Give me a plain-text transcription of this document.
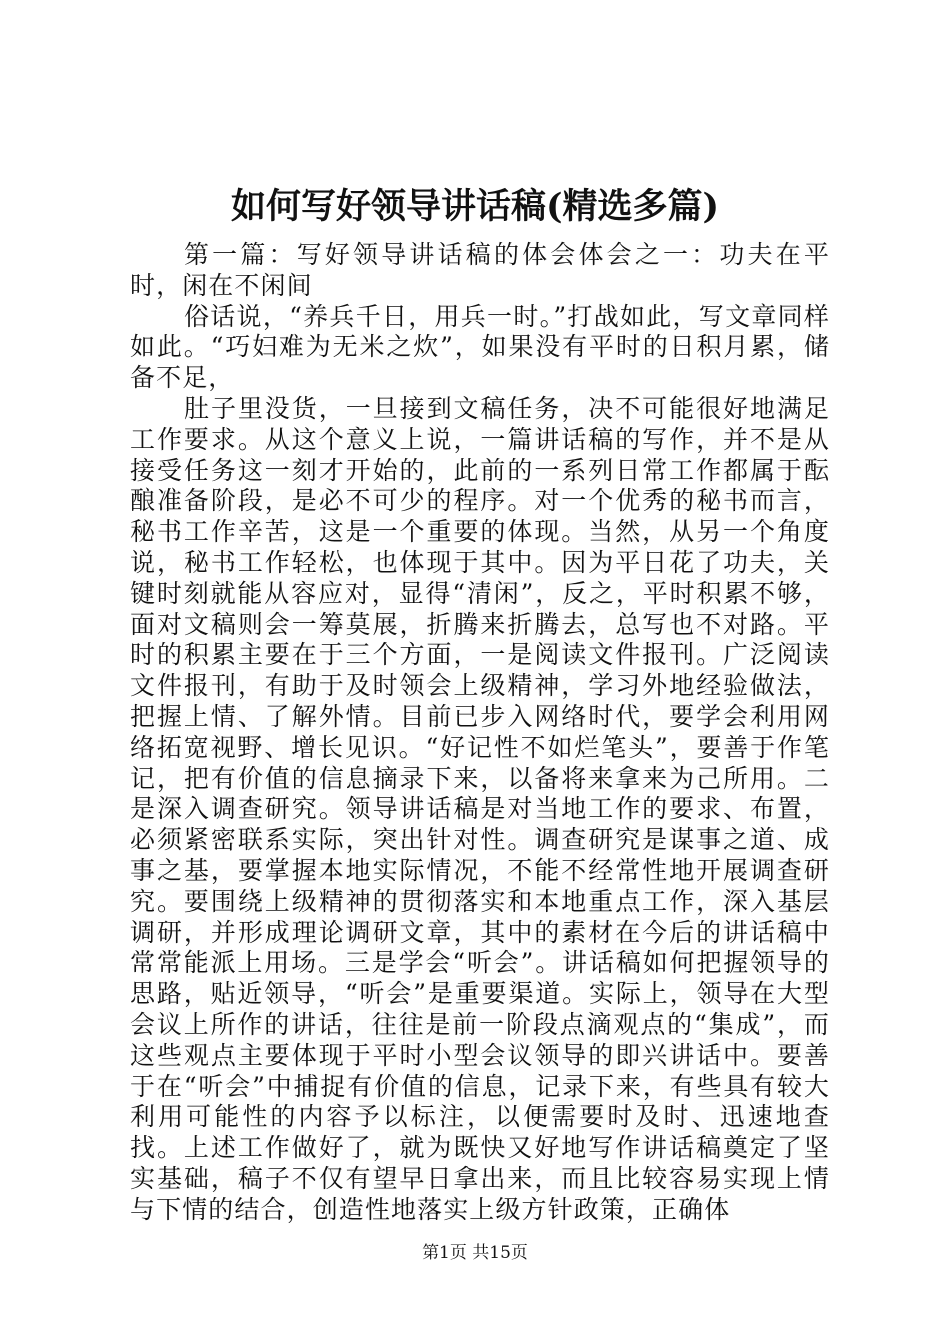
如何写好领导讲话稿(精选多篇)

第一篇：写好领导讲话稿的体会体会之一：功夫在平时，闲在不闲间

俗话说，“养兵千日，用兵一时。”打战如此，写文章同样如此。“巧妇难为无米之炊”，如果没有平时的日积月累，储备不足，

肚子里没货，一旦接到文稿任务，决不可能很好地满足工作要求。从这个意义上说，一篇讲话稿的写作，并不是从接受任务这一刻才开始的，此前的一系列日常工作都属于酝酿准备阶段，是必不可少的程序。对一个优秀的秘书而言，秘书工作辛苦，这是一个重要的体现。当然，从另一个角度说，秘书工作轻松，也体现于其中。因为平日花了功夫，关键时刻就能从容应对，显得“清闲”，反之，平时积累不够，面对文稿则会一筹莫展，折腾来折腾去，总写也不对路。平时的积累主要在于三个方面，一是阅读文件报刊。广泛阅读文件报刊，有助于及时领会上级精神，学习外地经验做法，把握上情、了解外情。目前已步入网络时代，要学会利用网络拓宽视野、增长见识。“好记性不如烂笔头”，要善于作笔记，把有价值的信息摘录下来，以备将来拿来为己所用。二是深入调查研究。领导讲话稿是对当地工作的要求、布置，必须紧密联系实际，突出针对性。调查研究是谋事之道、成事之基，要掌握本地实际情况，不能不经常性地开展调查研究。要围绕上级精神的贯彻落实和本地重点工作，深入基层调研，并形成理论调研文章，其中的素材在今后的讲话稿中常常能派上用场。三是学会“听会”。讲话稿如何把握领导的思路，贴近领导，“听会”是重要渠道。实际上，领导在大型会议上所作的讲话，往往是前一阶段点滴观点的“集成”，而这些观点主要体现于平时小型会议领导的即兴讲话中。要善于在“听会”中捕捉有价值的信息，记录下来，有些具有较大利用可能性的内容予以标注，以便需要时及时、迅速地查找。上述工作做好了，就为既快又好地写作讲话稿奠定了坚实基础，稿子不仅有望早日拿出来，而且比较容易实现上情与下情的结合，创造性地落实上级方针政策，正确体

第1页 共15页
